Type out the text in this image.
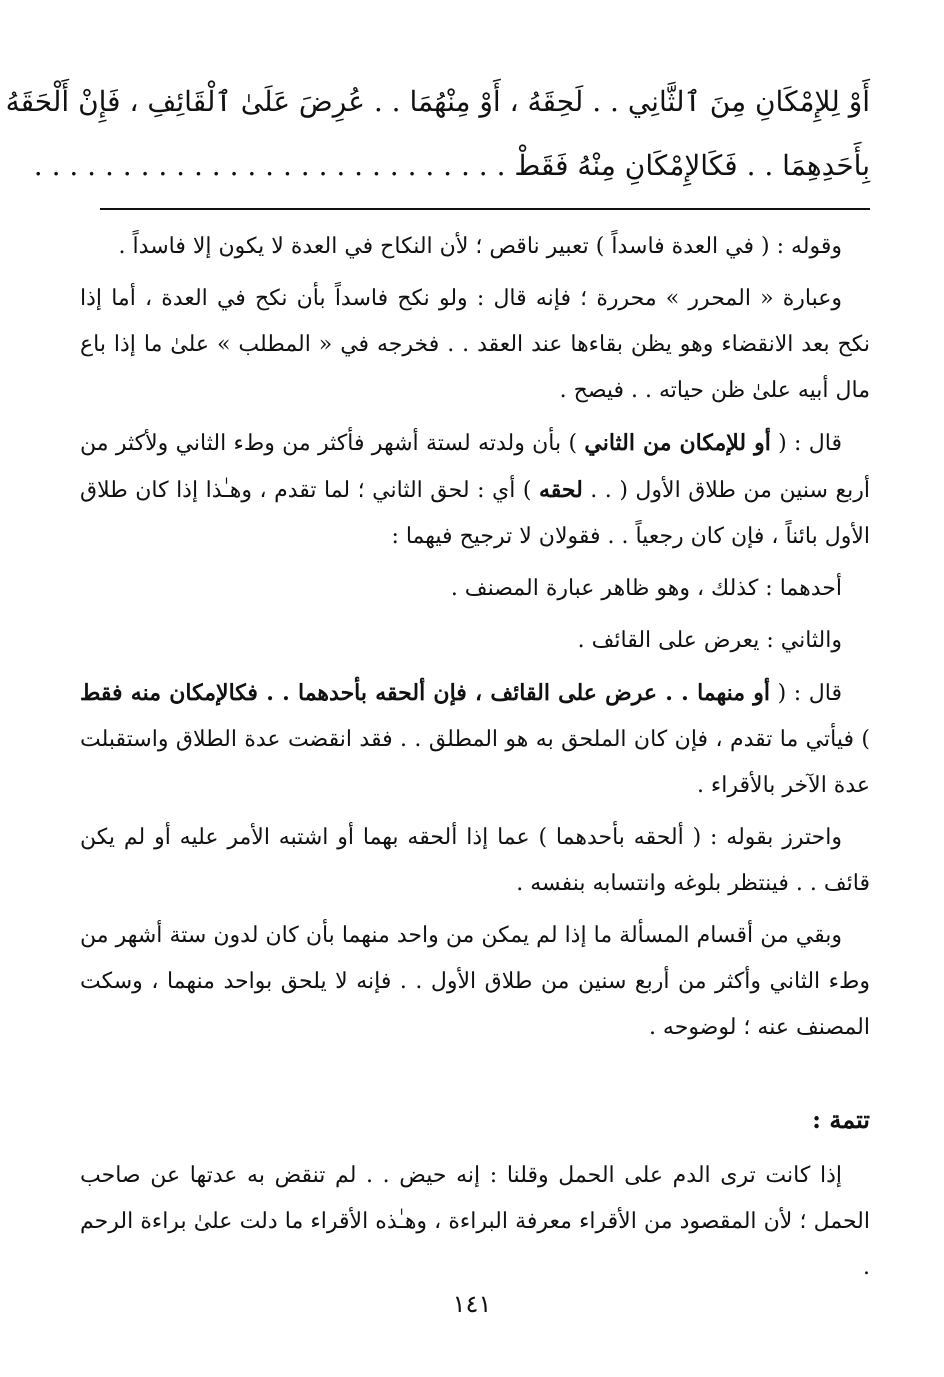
أَوْ لِلإِمْكَانِ مِنَ ٱلثَّانِي . . لَحِقَهُ ، أَوْ مِنْهُمَا . . عُرِضَ عَلَىٰ ٱلْقَائِفِ ، فَإِنْ أَلْحَقَهُ
بِأَحَدِهِمَا . . فَكَالإِمْكَانِ مِنْهُ فَقَطْ . . . . . . . . . . . . . . . . . . . . . . . . . . .

وقوله : ( في العدة فاسداً ) تعبير ناقص ؛ لأن النكاح في العدة لا يكون إلا فاسداً .

وعبارة « المحرر » محررة ؛ فإنه قال : ولو نكح فاسداً بأن نكح في العدة ، أما إذا نكح بعد الانقضاء وهو يظن بقاءها عند العقد . . فخرجه في « المطلب » علىٰ ما إذا باع مال أبيه علىٰ ظن حياته . . فيصح .

قال : ( أو للإمكان من الثاني ) بأن ولدته لستة أشهر فأكثر من وطء الثاني ولأكثر من أربع سنين من طلاق الأول ( . . لحقه ) أي : لحق الثاني ؛ لما تقدم ، وهـٰذا إذا كان طلاق الأول بائناً ، فإن كان رجعياً . . فقولان لا ترجيح فيهما :

أحدهما : كذلك ، وهو ظاهر عبارة المصنف .

والثاني : يعرض على القائف .

قال : ( أو منهما . . عرض على القائف ، فإن ألحقه بأحدهما . . فكالإمكان منه فقط ) فيأتي ما تقدم ، فإن كان الملحق به هو المطلق . . فقد انقضت عدة الطلاق واستقبلت عدة الآخر بالأقراء .

واحترز بقوله : ( ألحقه بأحدهما ) عما إذا ألحقه بهما أو اشتبه الأمر عليه أو لم يكن قائف . . فينتظر بلوغه وانتسابه بنفسه .

وبقي من أقسام المسألة ما إذا لم يمكن من واحد منهما بأن كان لدون ستة أشهر من وطء الثاني وأكثر من أربع سنين من طلاق الأول . . فإنه لا يلحق بواحد منهما ، وسكت المصنف عنه ؛ لوضوحه .

تتمة :

إذا كانت ترى الدم على الحمل وقلنا : إنه حيض . . لم تنقض به عدتها عن صاحب الحمل ؛ لأن المقصود من الأقراء معرفة البراءة ، وهـٰذه الأقراء ما دلت علىٰ براءة الرحم .

١٤١
